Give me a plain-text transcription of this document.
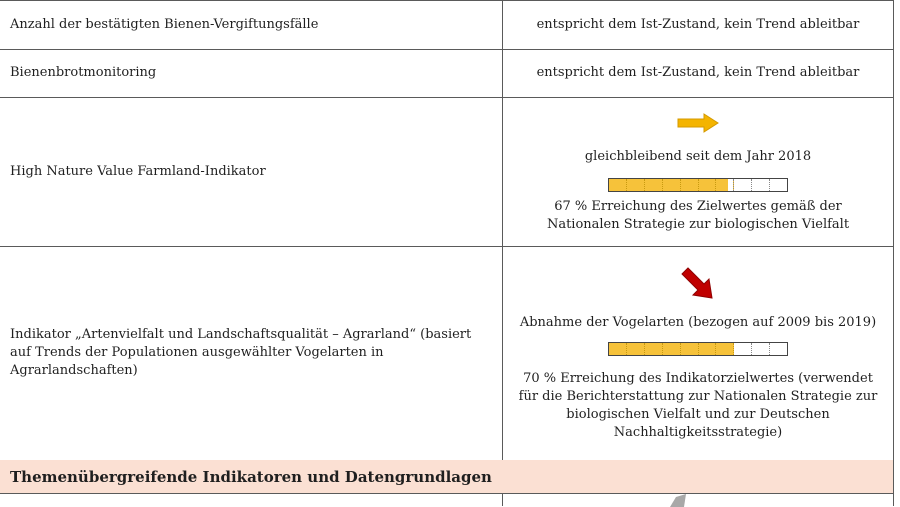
Anzahl der bestätigten Bienen-Vergiftungsfälle	entspricht dem Ist-Zustand, kein Trend ableitbar
Bienenbrotmonitoring	entspricht dem Ist-Zustand, kein Trend ableitbar
High Nature Value Farmland-Indikator
gleichbleibend seit dem Jahr 2018
67 % Erreichung des Zielwertes gemäß der Nationalen Strategie zur biologischen Vielfalt
Indikator „Artenvielfalt und Landschaftsqualität – Agrarland“ (basiert auf Trends der Populationen ausgewählter Vogelarten in Agrarlandschaften)
Abnahme der Vogelarten (bezogen auf 2009 bis 2019)
70 % Erreichung des Indikatorzielwertes (verwendet für die Berichterstattung zur Nationalen Strategie zur biologischen Vielfalt und zur Deutschen Nachhaltigkeitsstrategie)
Themenübergreifende Indikatoren und Datengrundlagen
